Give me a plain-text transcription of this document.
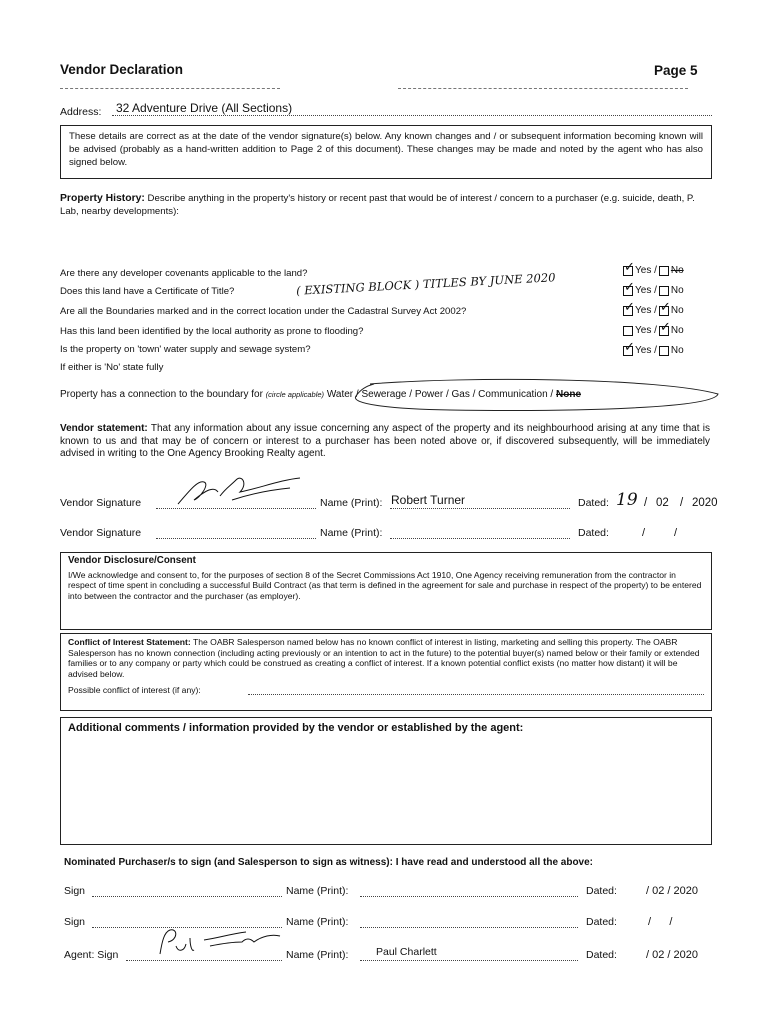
Vendor Declaration	Page 5
Address: 32 Adventure Drive (All Sections)
These details are correct as at the date of the vendor signature(s) below. Any known changes and / or subsequent information becoming known will be advised (probably as a hand-written addition to Page 2 of this document). These changes may be made and noted by the agent who has also signed below.
Property History: Describe anything in the property's history or recent past that would be of interest / concern to a purchaser (e.g. suicide, death, P. Lab, nearby developments):
Are there any developer covenants applicable to the land?	✓ Yes / No
Does this land have a Certificate of Title?	( EXISTING BLOCK ) TITLES BY JUNE 2020	✓ Yes / No
Are all the Boundaries marked and in the correct location under the Cadastral Survey Act 2002?	✓ Yes / ✓ No
Has this land been identified by the local authority as prone to flooding?	Yes / ✓ No
Is the property on 'town' water supply and sewage system?	✓ Yes / No
If either is 'No' state fully
Property has a connection to the boundary for (circle applicable) Water / Sewerage / Power / Gas / Communication / None
Vendor statement: That any information about any issue concerning any aspect of the property and its neighbourhood arising at any time that is known to us and that may be of concern or interest to a purchaser has been noted above or, if discovered subsequently, will be immediately advised in writing to the One Agency Brooking Realty agent.
Vendor Signature	Name (Print): Robert Turner	Dated: 19 / 02 / 2020
Vendor Signature	Name (Print):	Dated:	/	/
Vendor Disclosure/Consent
I/We acknowledge and consent to, for the purposes of section 8 of the Secret Commissions Act 1910, One Agency receiving remuneration from the contractor in respect of time spent in concluding a successful Build Contract (as that term is defined in the agreement for sale and purchase in respect of the property) to be entered into between the contractor and the purchaser (as employer).
Conflict of Interest Statement: The OABR Salesperson named below has no known conflict of interest in listing, marketing and selling this property. The OABR Salesperson has no known connection (including acting previously or an intention to act in the future) to the potential buyer(s) named below or their family or extended families or to any company or party which could be construed as creating a conflict of interest. If a known potential conflict exists (no matter how distant) it will be advised below.
Possible conflict of interest (if any):
Additional comments / information provided by the vendor or established by the agent:
Nominated Purchaser/s to sign (and Salesperson to sign as witness): I have read and understood all the above:
Sign	Name (Print):	Dated:	/ 02 / 2020
Sign	Name (Print):	Dated:	/      /
Agent: Sign	Name (Print):	Paul Charlett	Dated:	/ 02 / 2020
